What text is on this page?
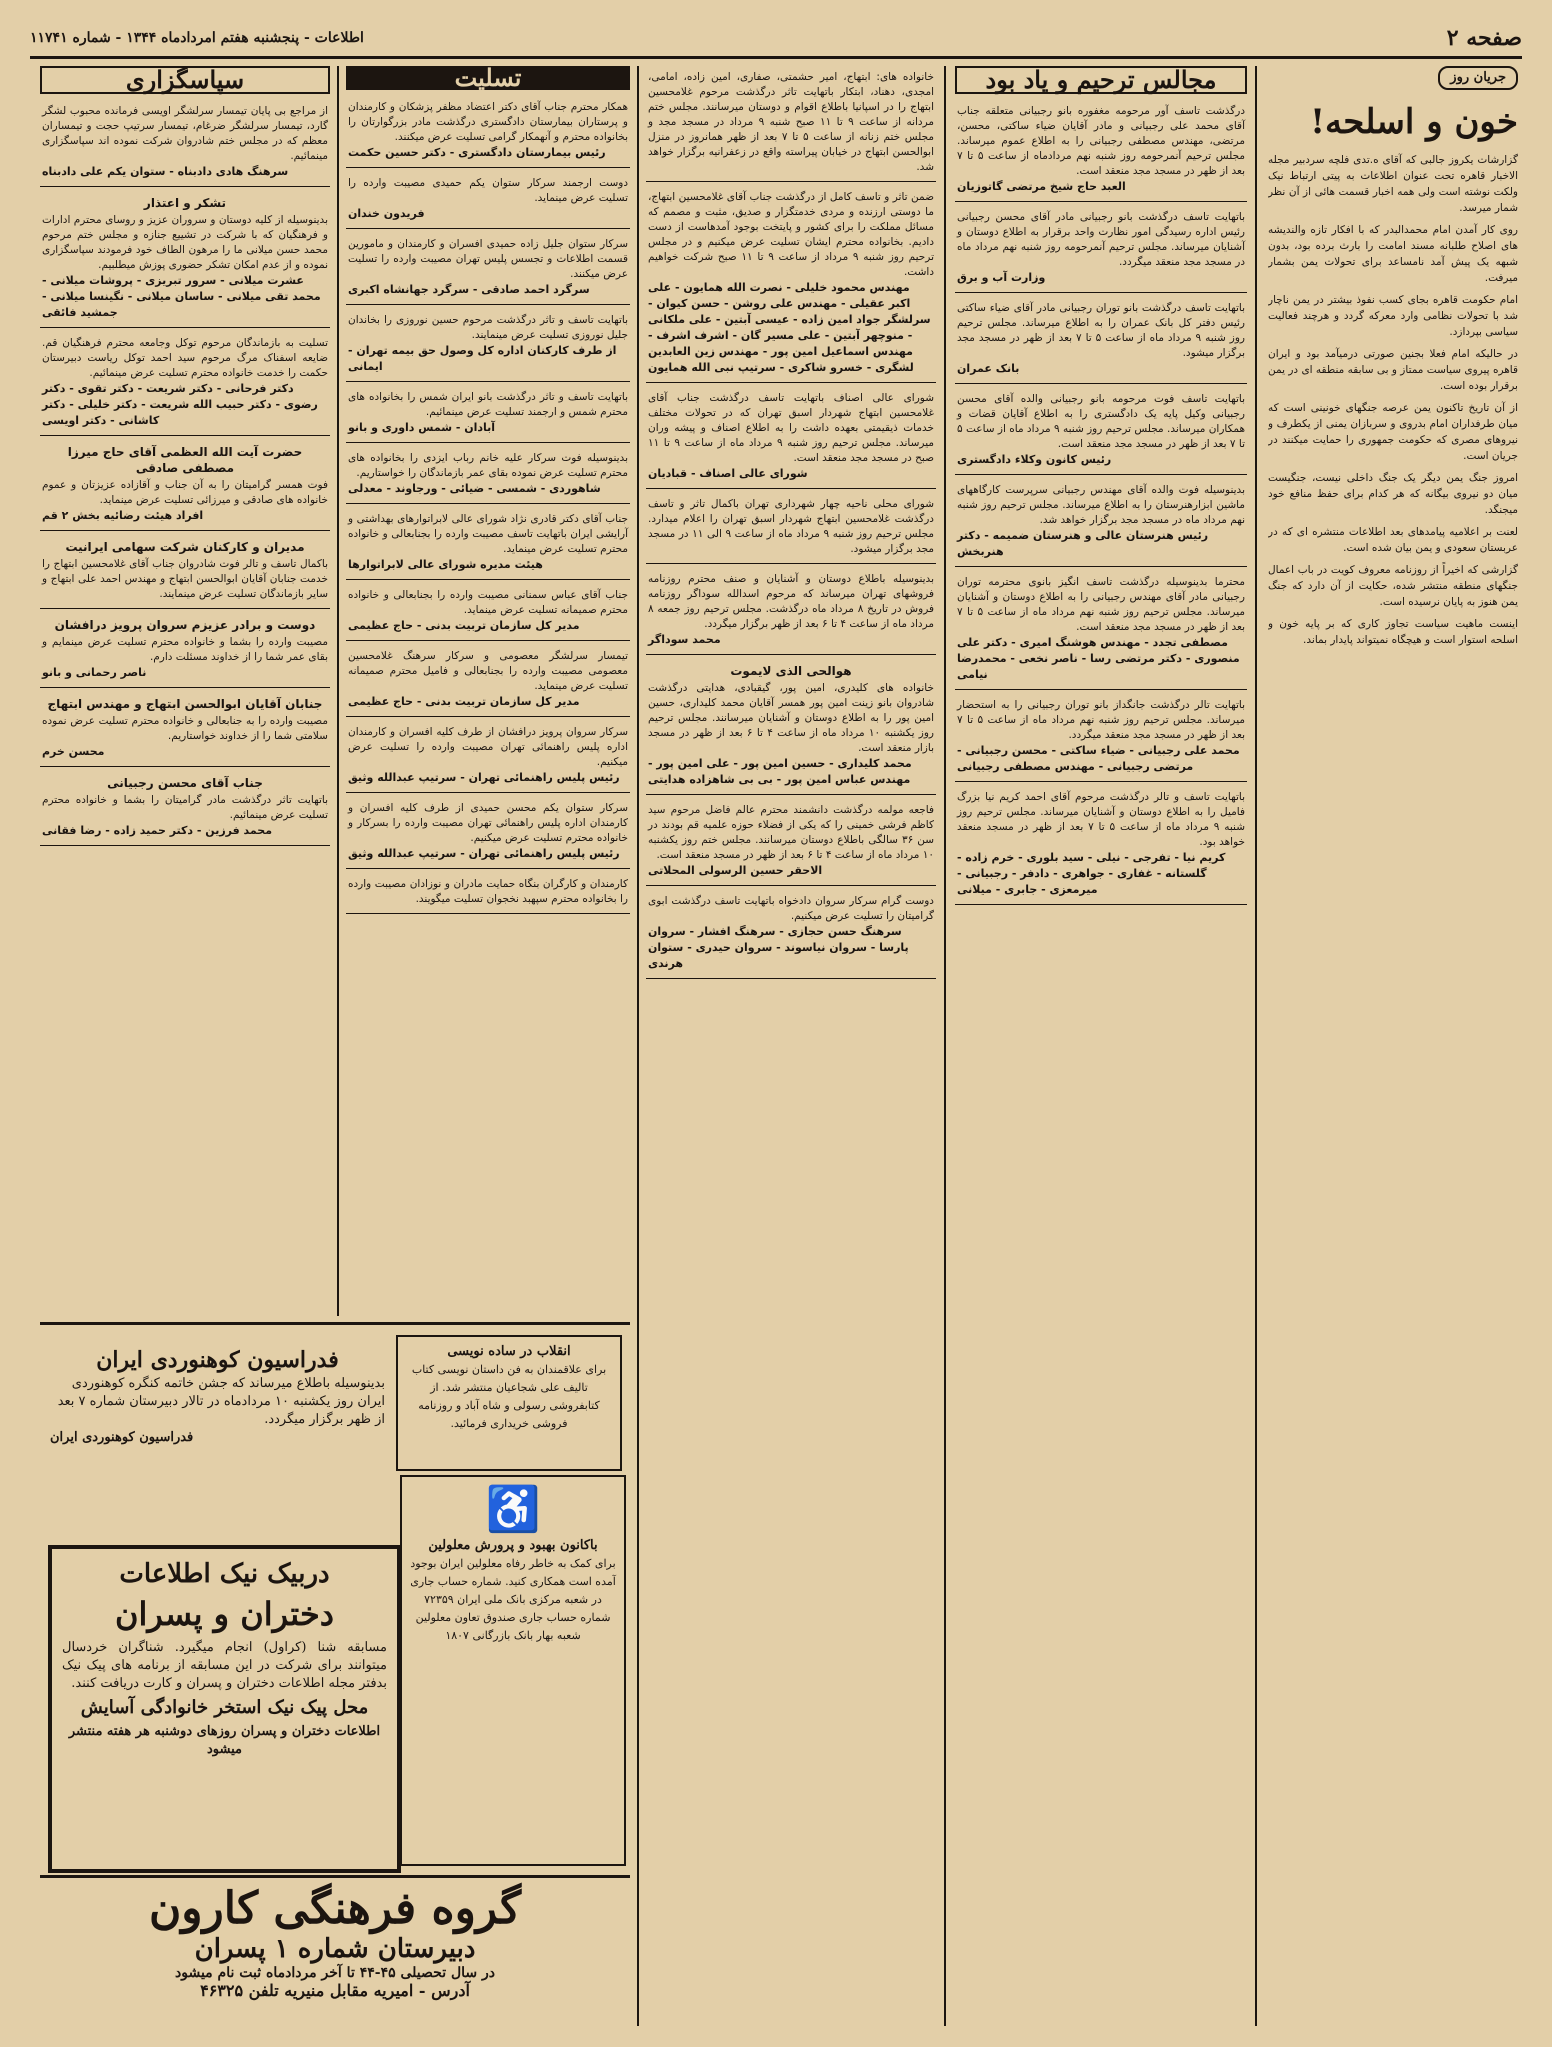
صفحه ۲
اطلاعات - پنجشنبه هفتم امردادماه ۱۳۴۴ - شماره ۱۱۷۴۱
جریان روز
خون و اسلحه!

گزارشات یکروز جالبی که آقای ه.تدی فلچه سردبیر مجله الاخبار قاهره تحت عنوان اطلاعات به پیتی ارتباط نیک ولکت نوشته است ولی همه اخبار قسمت هائی از آن نظر شمار میرسد.

روی کار آمدن امام محمدالبدر که با افکار تازه والندیشه های اصلاح طلبانه مسند امامت را بارث برده بود، بدون شبهه یک پیش آمد نامساعد برای تحولات یمن بشمار میرفت.

امام حکومت قاهره بجای کسب نفوذ بیشتر در یمن ناچار شد با تحولات نظامی وارد معرکه گردد و هرچند فعالیت سیاسی بپردازد.

در حالیکه امام فعلا بجنین صورتی درمیآمد بود و ایران قاهره پیروی سیاست ممتاز و بی سابقه منطقه ای در یمن برقرار بوده است.

از آن تاریخ تاکنون یمن عرصه جنگهای خونینی است که میان طرفداران امام بدروی و سربازان یمنی از یکطرف و نیروهای مصری که حکومت جمهوری را حمایت میکنند در جریان است.

امروز جنگ یمن دیگر یک جنگ داخلی نیست، جنگیست میان دو نیروی بیگانه که هر کدام برای حفظ منافع خود میجنگد.

لعنت بر اعلامیه پیامدهای بعد اطلاعات منتشره ای که در عربستان سعودی و یمن بیان شده است.

گزارشی که اخیراً از روزنامه معروف کویت در باب اعمال جنگهای منطقه منتشر شده، حکایت از آن دارد که جنگ یمن هنوز به پایان نرسیده است.

اینست ماهیت سیاست تجاوز کاری که بر پایه خون و اسلحه استوار است و هیچگاه نمیتواند پایدار بماند.

مجالس ترحیم و یاد بود
درگذشت تاسف آور مرحومه مغفوره بانو رجبیانی متعلقه جناب آقای محمد علی رجبیانی و مادر آقایان ضیاء ساکتی، محسن، مرتضی، مهندس مصطفی رجبیانی را به اطلاع عموم میرساند. مجلس ترحیم آنمرحومه روز شنبه نهم مردادماه از ساعت ۵ تا ۷ بعد از ظهر در مسجد مجد منعقد است.
العبد حاج شیخ مرتضی گاتوزیان
باتهایت تاسف درگذشت بانو رجبیانی مادر آقای محسن رجبیانی رئیس اداره رسیدگی امور نظارت واحد برقرار به اطلاع دوستان و آشنایان میرساند. مجلس ترحیم آنمرحومه روز شنبه نهم مرداد ماه در مسجد مجد منعقد میگردد.
وزارت آب و برق
باتهایت تاسف درگذشت بانو توران رجبیانی مادر آقای ضیاء ساکتی رئیس دفتر کل بانک عمران را به اطلاع میرساند. مجلس ترحیم روز شنبه ۹ مرداد ماه از ساعت ۵ تا ۷ بعد از ظهر در مسجد مجد برگزار میشود.
بانک عمران
باتهایت تاسف فوت مرحومه بانو رجبیانی والده آقای محسن رجبیانی وکیل پایه یک دادگستری را به اطلاع آقایان قضات و همکاران میرساند. مجلس ترحیم روز شنبه ۹ مرداد ماه از ساعت ۵ تا ۷ بعد از ظهر در مسجد مجد منعقد است.
رئیس کانون وکلاء دادگستری
بدینوسیله فوت والده آقای مهندس رجبیانی سرپرست کارگاههای ماشین ابزارهنرستان را به اطلاع میرساند. مجلس ترحیم روز شنبه نهم مرداد ماه در مسجد مجد برگزار خواهد شد.
رئیس هنرستان عالی و هنرستان ضمیمه - دکتر هنربخش
محترما بدینوسیله درگذشت تاسف انگیز بانوی محترمه توران رجبیانی مادر آقای مهندس رجبیانی را به اطلاع دوستان و آشنایان میرساند. مجلس ترحیم روز شنبه نهم مرداد ماه از ساعت ۵ تا ۷ بعد از ظهر در مسجد مجد منعقد است.
مصطفی تجدد - مهندس هوشنگ امیری - دکتر علی منصوری - دکتر مرتضی رسا - ناصر نخعی - محمدرضا نیامی
باتهایت تالر درگذشت جانگداز بانو توران رجبیانی را به استحضار میرساند. مجلس ترحیم روز شنبه نهم مرداد ماه از ساعت ۵ تا ۷ بعد از ظهر در مسجد مجد منعقد میگردد.
محمد علی رجبیانی - ضیاء ساکتی - محسن رجبیانی - مرتضی رجبیانی - مهندس مصطفی رجبیانی
باتهایت تاسف و تالر درگذشت مرحوم آقای احمد کریم نیا بزرگ فامیل را به اطلاع دوستان و آشنایان میرساند. مجلس ترحیم روز شنبه ۹ مرداد ماه از ساعت ۵ تا ۷ بعد از ظهر در مسجد منعقد خواهد بود.
کریم نیا - تفرجی - نیلی - سید بلوری - خرم زاده - گلستانه - غفاری - جواهری - دادفر - رجبیانی - میرمعزی - جابری - میلانی
خانواده های: ابتهاج، امیر حشمتی، صفاری، امین زاده، امامی، امجدی، دهناد، ابتکار باتهایت تاثر درگذشت مرحوم غلامحسین ابتهاج را در اسپانیا باطلاع اقوام و دوستان میرسانند. مجلس ختم مردانه از ساعت ۹ تا ۱۱ صبح شنبه ۹ مرداد در مسجد مجد و مجلس ختم زنانه از ساعت ۵ تا ۷ بعد از ظهر همانروز در منزل ابوالحسن ابتهاج در خیابان پیراسته واقع در زعفرانیه برگزار خواهد شد.
ضمن تاثر و تاسف کامل از درگذشت جناب آقای غلامحسین ابتهاج، ما دوستی ارزنده و مردی خدمتگزار و صدیق، مثبت و مصمم که مسائل مملکت را برای کشور و پایتخت بوجود آمدهاست از دست دادیم. بخانواده محترم ایشان تسلیت عرض میکنیم و در مجلس ترحیم روز شنبه ۹ مرداد از ساعت ۹ تا ۱۱ صبح شرکت خواهیم داشت.
مهندس محمود خلیلی - نصرت الله همایون - علی اکبر عقیلی - مهندس علی روشن - حسن کیوان - سرلشگر جواد امین زاده - عیسی آبتین - علی ملکانی - منوچهر آبتین - علی مسیر گان - اشرف اشرف - مهندس اسماعیل امین پور - مهندس زین العابدین لشگری - خسرو شاکری - سرتیپ نبی الله همایون
شورای عالی اصناف باتهایت تاسف درگذشت جناب آقای غلامحسین ابتهاج شهردار اسبق تهران که در تحولات مختلف خدمات ذیقیمتی بعهده داشت را به اطلاع اصناف و پیشه وران میرساند. مجلس ترحیم روز شنبه ۹ مرداد ماه از ساعت ۹ تا ۱۱ صبح در مسجد مجد منعقد است.
شورای عالی اصناف - قبادیان
شورای محلی ناحیه چهار شهرداری تهران باکمال تاثر و تاسف درگذشت غلامحسین ابتهاج شهردار اسبق تهران را اعلام میدارد. مجلس ترحیم روز شنبه ۹ مرداد ماه از ساعت ۹ الی ۱۱ در مسجد مجد برگزار میشود.
بدینوسیله باطلاع دوستان و آشنایان و صنف محترم روزنامه فروشهای تهران میرساند که مرحوم اسدالله سوداگر روزنامه فروش در تاریخ ۸ مرداد ماه درگذشت. مجلس ترحیم روز جمعه ۸ مرداد ماه از ساعت ۴ تا ۶ بعد از ظهر برگزار میگردد.
محمد سوداگر
هوالحی الذی لایموت
خانواده های کلیدری، امین پور، گیقبادی، هدایتی درگذشت شادروان بانو زینت امین پور همسر آقایان محمد کلیداری، حسین امین پور را به اطلاع دوستان و آشنایان میرسانند. مجلس ترحیم روز یکشنبه ۱۰ مرداد ماه از ساعت ۴ تا ۶ بعد از ظهر در مسجد بازار منعقد است.
محمد کلیداری - حسین امین پور - علی امین پور - مهندس عباس امین پور - بی بی شاهزاده هدایتی
فاجعه مولمه درگذشت دانشمند محترم عالم فاضل مرحوم سید کاظم فرشی خمینی را که یکی از فضلاء حوزه علمیه قم بودند در سن ۳۶ سالگی باطلاع دوستان میرسانند. مجلس ختم روز یکشنبه ۱۰ مرداد ماه از ساعت ۴ تا ۶ بعد از ظهر در مسجد منعقد است.
الاحقر حسین الرسولی المحلاتی
دوست گرام سرکار سروان دادخواه باتهایت تاسف درگذشت ابوی گرامیتان را تسلیت عرض میکنیم.
سرهنگ حسن حجازی - سرهنگ افشار - سروان پارسا - سروان نیاسوند - سروان حیدری - ستوان هرندی
تسلیت
همکار محترم جناب آقای دکتر اعتضاد مظفر پزشکان و کارمندان و پرستاران بیمارستان دادگستری درگذشت مادر بزرگوارتان را بخانواده محترم و آنهمکار گرامی تسلیت عرض میکنند.
رئیس بیمارستان دادگستری - دکتر حسین حکمت
دوست ارجمند سرکار ستوان یکم حمیدی مصیبت وارده را تسلیت عرض مینماید.
فریدون خندان
سرکار ستوان جلیل زاده حمیدی افسران و کارمندان و مامورین قسمت اطلاعات و تجسس پلیس تهران مصیبت وارده را تسلیت عرض میکنند.
سرگرد احمد صادقی - سرگرد جهانشاه اکبری
باتهایت تاسف و تاثر درگذشت مرحوم حسین نوروزی را بخاندان جلیل نوروزی تسلیت عرض مینمایند.
از طرف کارکنان اداره کل وصول حق بیمه تهران - ایمانی
باتهایت تاسف و تاثر درگذشت بانو ایران شمس را بخانواده های محترم شمس و ارجمند تسلیت عرض مینمائیم.
آبادان - شمس داوری و بانو
بدینوسیله فوت سرکار علیه خانم رباب ایزدی را بخانواده های محترم تسلیت عرض نموده بقای عمر بازماندگان را خواستاریم.
شاهوردی - شمسی - ضیائی - ورجاوند - معدلی
جناب آقای دکتر قادری نژاد شورای عالی لابراتوارهای بهداشتی و آرایشی ایران باتهایت تاسف مصیبت وارده را بجنابعالی و خانواده محترم تسلیت عرض مینماید.
هیئت مدیره شورای عالی لابراتوارها
جناب آقای عباس سمنانی مصیبت وارده را بجنابعالی و خانواده محترم صمیمانه تسلیت عرض مینماید.
مدیر کل سازمان تربیت بدنی - حاج عظیمی
تیمسار سرلشگر معصومی و سرکار سرهنگ غلامحسین معصومی مصیبت وارده را بجنابعالی و فامیل محترم صمیمانه تسلیت عرض مینماید.
مدیر کل سازمان تربیت بدنی - حاج عظیمی
سرکار سروان پرویز درافشان از طرف کلیه افسران و کارمندان اداره پلیس راهنمائی تهران مصیبت وارده را تسلیت عرض میکنیم.
رئیس پلیس راهنمائی تهران - سرتیپ عبدالله وثیق
سرکار ستوان یکم محسن حمیدی از طرف کلیه افسران و کارمندان اداره پلیس راهنمائی تهران مصیبت وارده را بسرکار و خانواده محترم تسلیت عرض میکنیم.
رئیس پلیس راهنمائی تهران - سرتیپ عبدالله وثیق
کارمندان و کارگران بنگاه حمایت مادران و نوزادان مصیبت وارده را بخانواده محترم سپهبد نخجوان تسلیت میگویند.
سپاسگزاری
از مراجع بی پایان تیمسار سرلشگر اویسی فرمانده محبوب لشگر گارد، تیمسار سرلشگر ضرغام، تیمسار سرتیپ حجت و تیمساران معظم که در مجلس ختم شادروان شرکت نموده اند سپاسگزاری مینمائیم.
سرهنگ هادی دادبناه - ستوان یکم علی دادبناه
تشکر و اعتذار
بدینوسیله از کلیه دوستان و سروران عزیز و روسای محترم ادارات و فرهنگیان که با شرکت در تشییع جنازه و مجلس ختم مرحوم محمد حسن میلانی ما را مرهون الطاف خود فرمودند سپاسگزاری نموده و از عدم امکان تشکر حضوری پوزش میطلبیم.
عشرت میلانی - سرور تبریزی - پروشات میلانی - محمد تقی میلانی - ساسان میلانی - نگینسا میلانی - جمشید فائقی
تسلیت به بازماندگان مرحوم توکل وجامعه محترم فرهنگیان قم. ضایعه اسفناک مرگ مرحوم سید احمد توکل ریاست دبیرستان حکمت را خدمت خانواده محترم تسلیت عرض مینمائیم.
دکتر فرحانی - دکتر شریعت - دکتر تقوی - دکتر رضوی - دکتر حبیب الله شریعت - دکتر خلیلی - دکتر کاشانی - دکتر اویسی
حضرت آیت الله العظمی آقای حاج میرزا مصطفی صادقی
فوت همسر گرامیتان را به آن جناب و آقازاده عزیزتان و عموم خانواده های صادقی و میرزائی تسلیت عرض مینماید.
افراد هیئت رضائیه بخش ۲ قم
مدیران و کارکنان شرکت سهامی ایرانیت
باکمال تاسف و تالر فوت شادروان جناب آقای غلامحسین ابتهاج را خدمت جنابان آقایان ابوالحسن ابتهاج و مهندس احمد علی ابتهاج و سایر بازماندگان تسلیت عرض مینمایند.
دوست و برادر عزیزم سروان پرویز درافشان
مصیبت وارده را بشما و خانواده محترم تسلیت عرض مینمایم و بقای عمر شما را از خداوند مسئلت دارم.
ناصر رحمانی و بانو
جنابان آقایان ابوالحسن ابتهاج و مهندس ابتهاج
مصیبت وارده را به جنابعالی و خانواده محترم تسلیت عرض نموده سلامتی شما را از خداوند خواستاریم.
محسن خرم
جناب آقای محسن رجبیانی
باتهایت تاثر درگذشت مادر گرامیتان را بشما و خانواده محترم تسلیت عرض مینمائیم.
محمد فرزین - دکتر حمید زاده - رضا فقانی
فدراسیون کوهنوردی ایران
بدینوسیله باطلاع میرساند که جشن خاتمه کنگره کوهنوردی ایران روز یکشنبه ۱۰ مردادماه در تالار دبیرستان شماره ۷ بعد از ظهر برگزار میگردد.
فدراسیون کوهنوردی ایران
انقلاب در ساده نویسی
برای علاقمندان به فن داستان نویسی کتاب تالیف علی شجاعیان منتشر شد. از کتابفروشی رسولی و شاه آباد و روزنامه فروشی خریداری فرمائید.
♿
باکانون بهبود و پرورش معلولین
برای کمک به خاطر رفاه معلولین ایران بوجود آمده است همکاری کنید. شماره حساب جاری در شعبه مرکزی بانک ملی ایران ۷۲۳۵۹ شماره حساب جاری صندوق تعاون معلولین شعبه بهار بانک بازرگانی ۱۸۰۷
دربیک نیک اطلاعات
دختران و پسران
مسابقه شنا (کراول) انجام میگیرد. شناگران خردسال میتوانند برای شرکت در این مسابقه از برنامه های پیک نیک بدفتر مجله اطلاعات دختران و پسران و کارت دریافت کنند.
محل پیک نیک استخر خانوادگی آسایش
اطلاعات دختران و پسران روزهای دوشنبه هر هفته منتشر میشود
گروه فرهنگی کارون
دبیرستان شماره ۱ پسران
در سال تحصیلی ۴۵-۴۴ تا آخر مردادماه ثبت نام میشود
آدرس - امیریه مقابل منیریه تلفن ۴۶۳۲۵
